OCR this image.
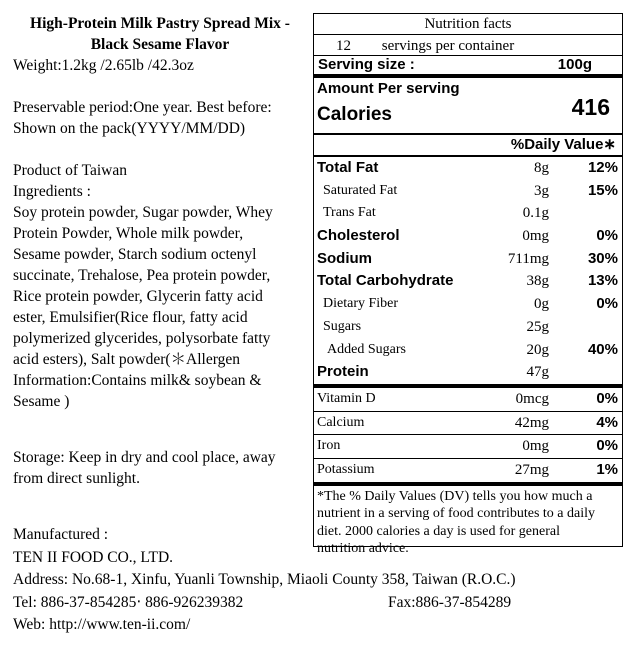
High-Protein Milk Pastry Spread Mix -
Black Sesame Flavor
Weight:1.2kg /2.65lb /42.3oz
Preservable period:One year. Best before:
Shown on the pack(YYYY/MM/DD)
Product of Taiwan
Ingredients :
Soy protein powder, Sugar powder, Whey
Protein Powder, Whole milk powder,
Sesame powder, Starch sodium octenyl
succinate, Trehalose, Pea protein powder,
Rice protein powder, Glycerin fatty acid
ester, Emulsifier(Rice flour, fatty acid
polymerized glycerides, polysorbate fatty
acid esters), Salt powder(＊Allergen
Information:Contains milk& soybean &
Sesame )
Storage: Keep in dry and cool place, away
from direct sunlight.
Manufactured :
TEN II FOOD CO., LTD.
Address: No.68-1, Xinfu, Yuanli Township, Miaoli County 358, Taiwan (R.O.C.)
Tel: 886-37-854285‧ 886-926239382	Fax:886-37-854289
Web: http://www.ten-ii.com/
Nutrition facts
12 servings per container
Serving size :	100g
Amount Per serving
Calories	416
%Daily Value∗
Total Fat	8g	12%
Saturated Fat	3g	15%
Trans Fat	0.1g
Cholesterol	0mg	0%
Sodium	711mg	30%
Total Carbohydrate	38g	13%
Dietary Fiber	0g	0%
Sugars	25g
Added Sugars	20g	40%
Protein	47g
Vitamin D	0mcg	0%
Calcium	42mg	4%
Iron	0mg	0%
Potassium	27mg	1%
*The % Daily Values (DV) tells you how much a
nutrient in a serving of food contributes to a daily
diet. 2000 calories a day is used for general
nutrition advice.
